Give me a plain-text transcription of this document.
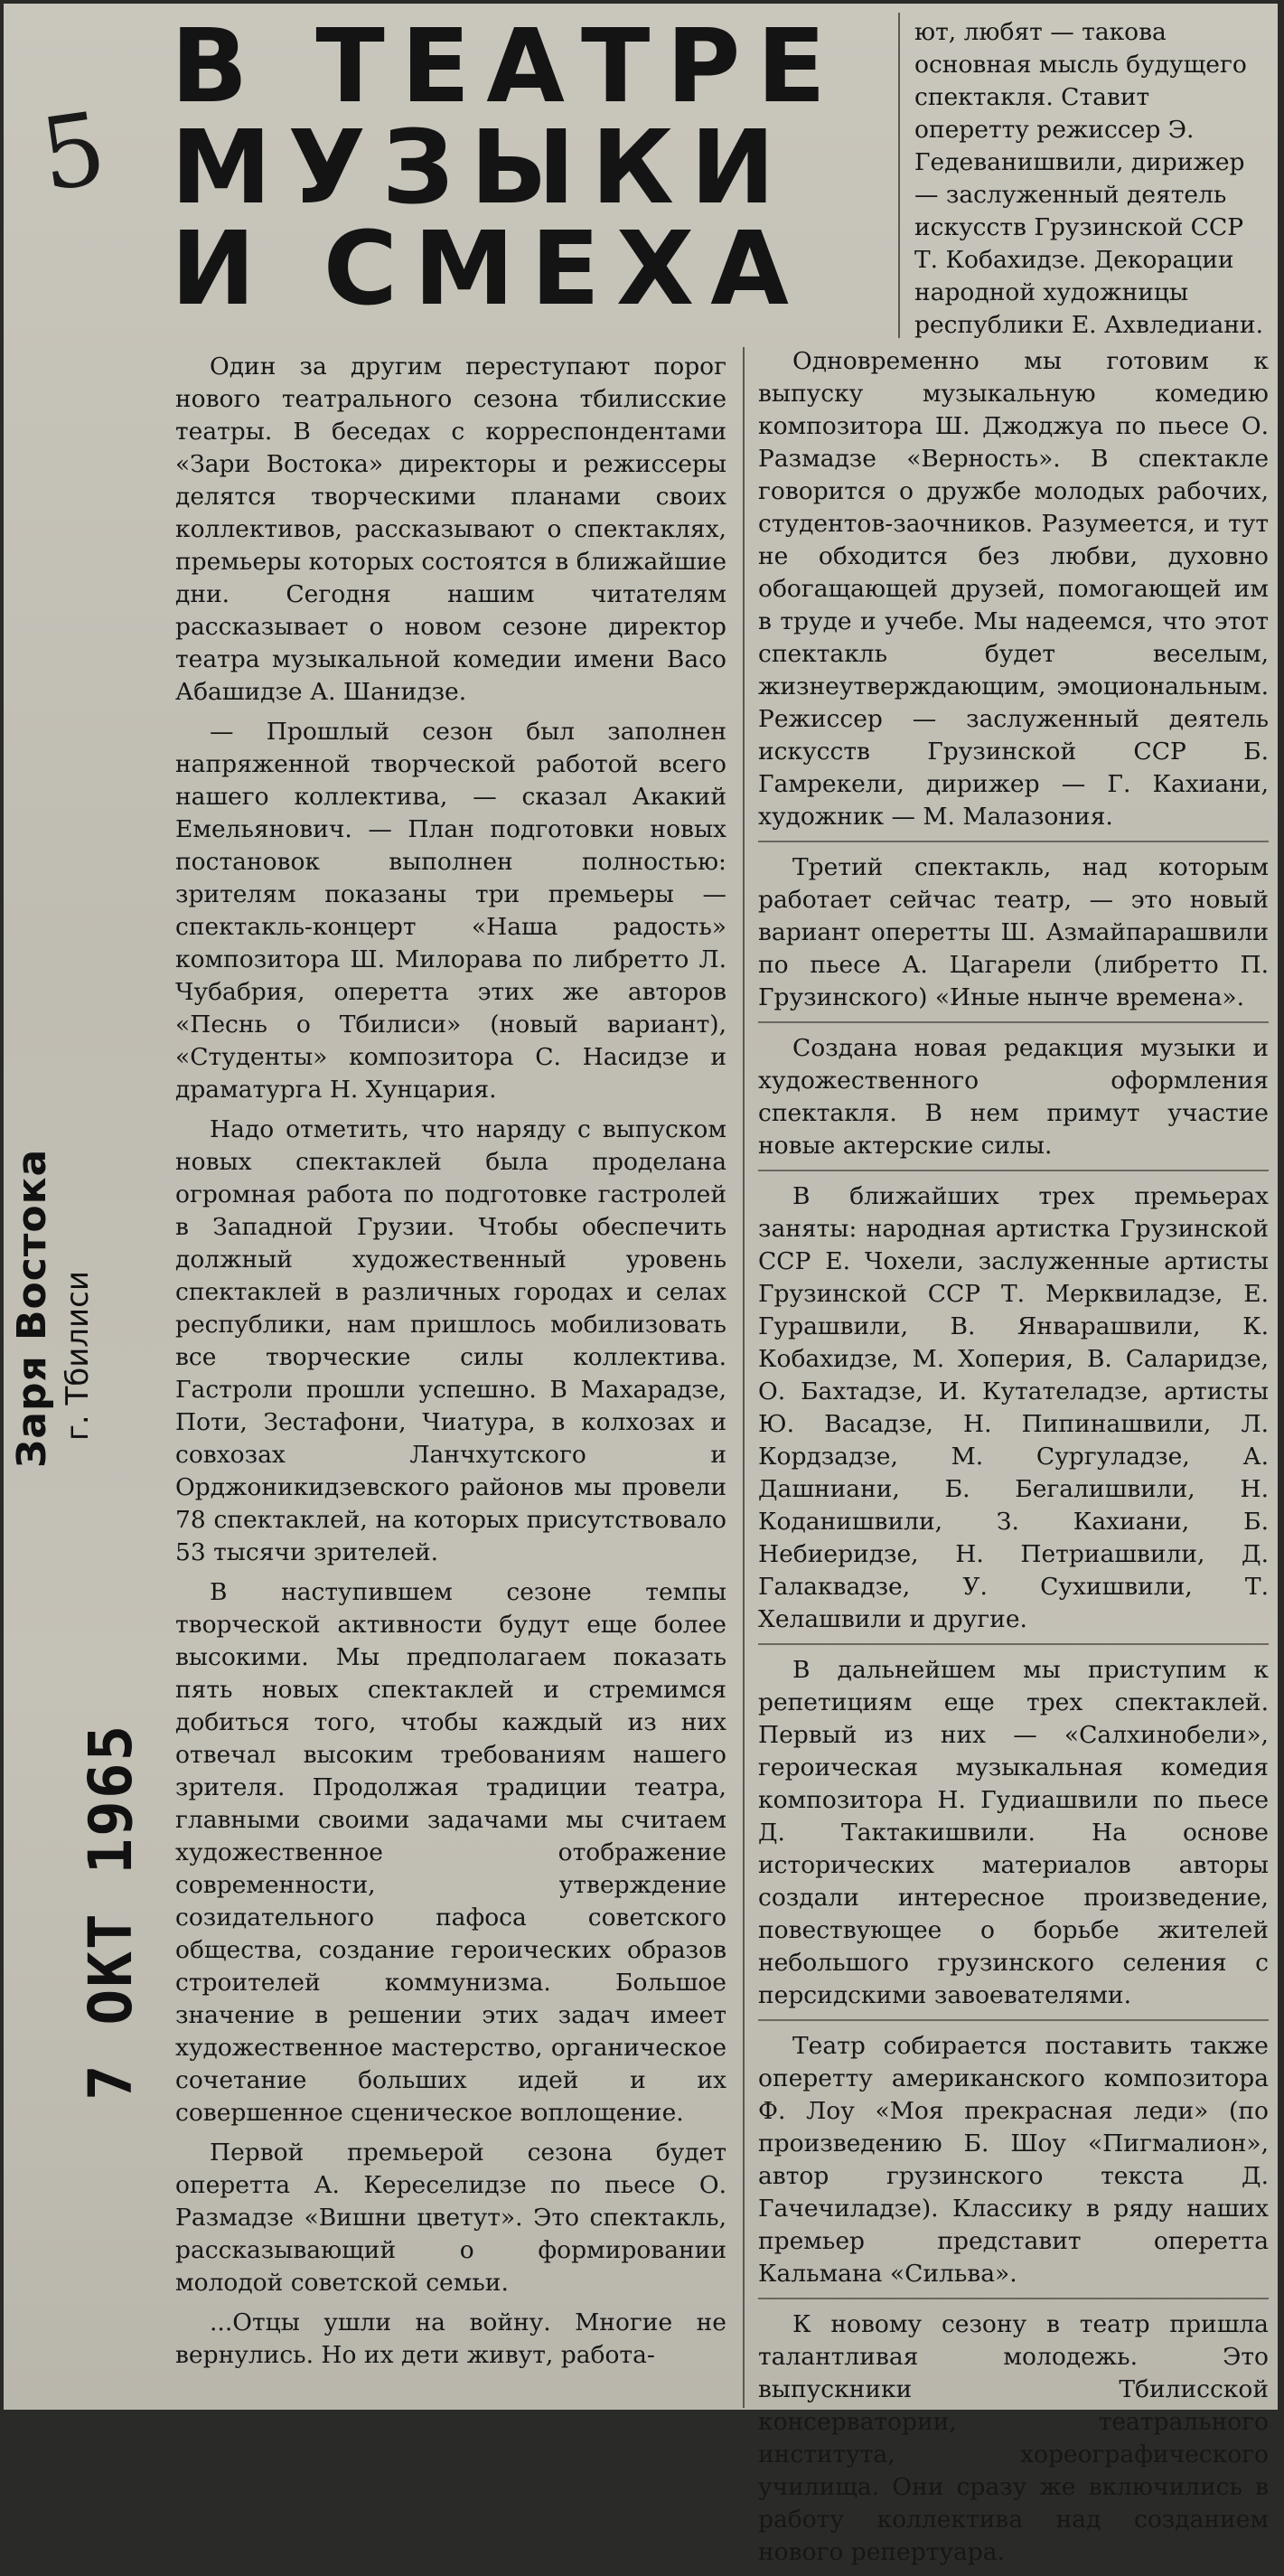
5
Заря Востока г. Тбилиси
7 ОКТ 1965
В ТЕАТРЕ
МУЗЫКИ
И СМЕХА

ют, любят — такова основная мысль будущего спектакля. Ставит оперетту режиссер Э. Гедеванишвили, дирижер — заслуженный деятель искусств Грузинской ССР Т. Кобахидзе. Декорации народной художницы республики Е. Ахвледиани.

Один за другим переступают порог нового театрального сезона тбилисские театры. В беседах с корреспондентами «Зари Востока» директоры и режиссеры делятся творческими планами своих коллективов, рассказывают о спектаклях, премьеры которых состоятся в ближайшие дни. Сегодня нашим читателям рассказывает о новом сезоне директор театра музыкальной комедии имени Васо Абашидзе А. Шанидзе.

— Прошлый сезон был заполнен напряженной творческой работой всего нашего коллектива, — сказал Акакий Емельянович. — План подготовки новых постановок выполнен полностью: зрителям показаны три премьеры — спектакль-концерт «Наша радость» композитора Ш. Милорава по либретто Л. Чубабрия, оперетта этих же авторов «Песнь о Тбилиси» (новый вариант), «Студенты» композитора С. Насидзе и драматурга Н. Хунцария.

Надо отметить, что наряду с выпуском новых спектаклей была проделана огромная работа по подготовке гастролей в Западной Грузии. Чтобы обеспечить должный художественный уровень спектаклей в различных городах и селах республики, нам пришлось мобилизовать все творческие силы коллектива. Гастроли прошли успешно. В Махарадзе, Поти, Зестафони, Чиатура, в колхозах и совхозах Ланчхутского и Орджоникидзевского районов мы провели 78 спектаклей, на которых присутствовало 53 тысячи зрителей.

В наступившем сезоне темпы творческой активности будут еще более высокими. Мы предполагаем показать пять новых спектаклей и стремимся добиться того, чтобы каждый из них отвечал высоким требованиям нашего зрителя. Продолжая традиции театра, главными своими задачами мы считаем художественное отображение современности, утверждение созидательного пафоса советского общества, создание героических образов строителей коммунизма. Большое значение в решении этих задач имеет художественное мастерство, органическое сочетание больших идей и их совершенное сценическое воплощение.

Первой премьерой сезона будет оперетта А. Кереселидзе по пьесе О. Размадзе «Вишни цветут». Это спектакль, рассказывающий о формировании молодой советской семьи.

...Отцы ушли на войну. Многие не вернулись. Но их дети живут, работа-

Одновременно мы готовим к выпуску музыкальную комедию композитора Ш. Джоджуа по пьесе О. Размадзе «Верность». В спектакле говорится о дружбе молодых рабочих, студентов-заочников. Разумеется, и тут не обходится без любви, духовно обогащающей друзей, помогающей им в труде и учебе. Мы надеемся, что этот спектакль будет веселым, жизнеутверждающим, эмоциональным. Режиссер — заслуженный деятель искусств Грузинской ССР Б. Гамрекели, дирижер — Г. Кахиани, художник — М. Малазония.

Третий спектакль, над которым работает сейчас театр, — это новый вариант оперетты Ш. Азмайпарашвили по пьесе А. Цагарели (либретто П. Грузинского) «Иные нынче времена».

Создана новая редакция музыки и художественного оформления спектакля. В нем примут участие новые актерские силы.

В ближайших трех премьерах заняты: народная артистка Грузинской ССР Е. Чохели, заслуженные артисты Грузинской ССР Т. Мерквиладзе, Е. Гурашвили, В. Январашвили, К. Кобахидзе, М. Хоперия, В. Саларидзе, О. Бахтадзе, И. Кутателадзе, артисты Ю. Васадзе, Н. Пипинашвили, Л. Кордзадзе, М. Сургуладзе, А. Дашниани, Б. Бегалишвили, Н. Коданишвили, З. Кахиани, Б. Небиеридзе, Н. Петриашвили, Д. Галаквадзе, У. Сухишвили, Т. Хелашвили и другие.

В дальнейшем мы приступим к репетициям еще трех спектаклей. Первый из них — «Салхинобели», героическая музыкальная комедия композитора Н. Гудиашвили по пьесе Д. Тактакишвили. На основе исторических материалов авторы создали интересное произведение, повествующее о борьбе жителей небольшого грузинского селения с персидскими завоевателями.

Театр собирается поставить также оперетту американского композитора Ф. Лоу «Моя прекрасная леди» (по произведению Б. Шоу «Пигмалион», автор грузинского текста Д. Гачечиладзе). Классику в ряду наших премьер представит оперетта Кальмана «Сильва».

К новому сезону в театр пришла талантливая молодежь. Это выпускники Тбилисской консерватории, театрального института, хореографического училища. Они сразу же включились в работу коллектива над созданием нового репертуара.
